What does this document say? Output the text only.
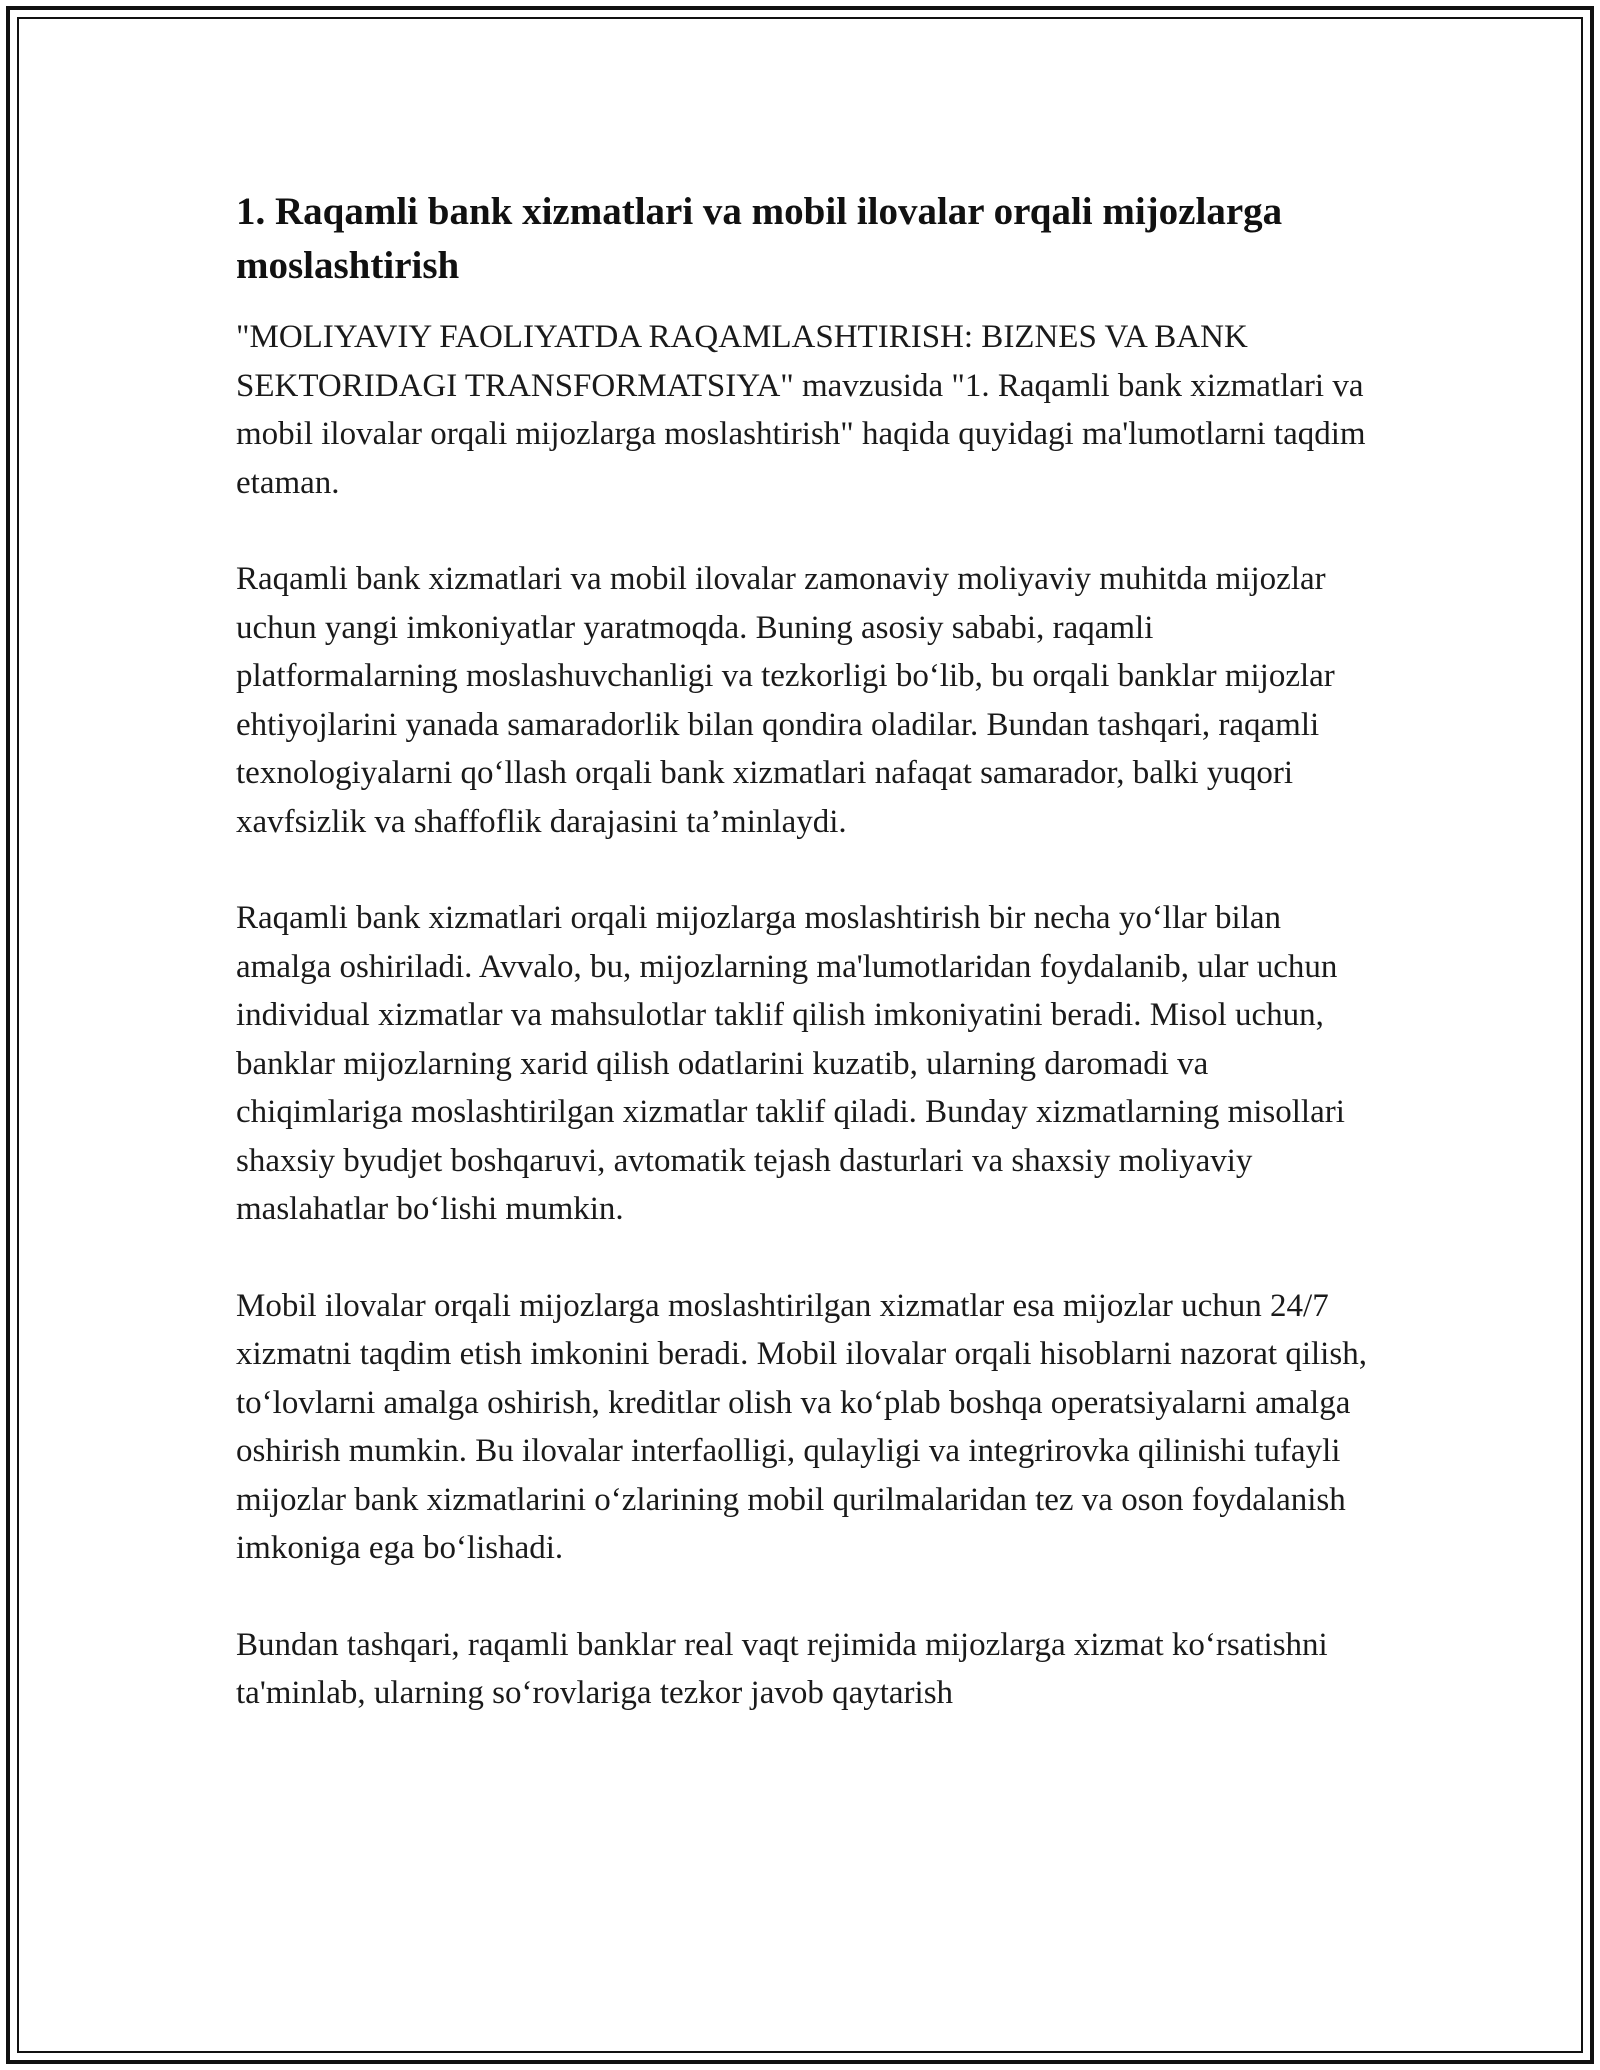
1. Raqamli bank xizmatlari va mobil ilovalar orqali mijozlarga moslashtirish

"MOLIYAVIY FAOLIYATDA RAQAMLASHTIRISH: BIZNES VA BANK SEKTORIDAGI TRANSFORMATSIYA" mavzusida "1. Raqamli bank xizmatlari va mobil ilovalar orqali mijozlarga moslashtirish" haqida quyidagi ma'lumotlarni taqdim etaman.

Raqamli bank xizmatlari va mobil ilovalar zamonaviy moliyaviy muhitda mijozlar uchun yangi imkoniyatlar yaratmoqda. Buning asosiy sababi, raqamli platformalarning moslashuvchanligi va tezkorligi bo‘lib, bu orqali banklar mijozlar ehtiyojlarini yanada samaradorlik bilan qondira oladilar. Bundan tashqari, raqamli texnologiyalarni qo‘llash orqali bank xizmatlari nafaqat samarador, balki yuqori xavfsizlik va shaffoflik darajasini ta’minlaydi.

Raqamli bank xizmatlari orqali mijozlarga moslashtirish bir necha yo‘llar bilan amalga oshiriladi. Avvalo, bu, mijozlarning ma'lumotlaridan foydalanib, ular uchun individual xizmatlar va mahsulotlar taklif qilish imkoniyatini beradi. Misol uchun, banklar mijozlarning xarid qilish odatlarini kuzatib, ularning daromadi va chiqimlariga moslashtirilgan xizmatlar taklif qiladi. Bunday xizmatlarning misollari shaxsiy byudjet boshqaruvi, avtomatik tejash dasturlari va shaxsiy moliyaviy maslahatlar bo‘lishi mumkin.

Mobil ilovalar orqali mijozlarga moslashtirilgan xizmatlar esa mijozlar uchun 24/7 xizmatni taqdim etish imkonini beradi. Mobil ilovalar orqali hisoblarni nazorat qilish, to‘lovlarni amalga oshirish, kreditlar olish va ko‘plab boshqa operatsiyalarni amalga oshirish mumkin. Bu ilovalar interfaolligi, qulayligi va integrirovka qilinishi tufayli mijozlar bank xizmatlarini o‘zlarining mobil qurilmalaridan tez va oson foydalanish imkoniga ega bo‘lishadi.

Bundan tashqari, raqamli banklar real vaqt rejimida mijozlarga xizmat ko‘rsatishni ta'minlab, ularning so‘rovlariga tezkor javob qaytarish
